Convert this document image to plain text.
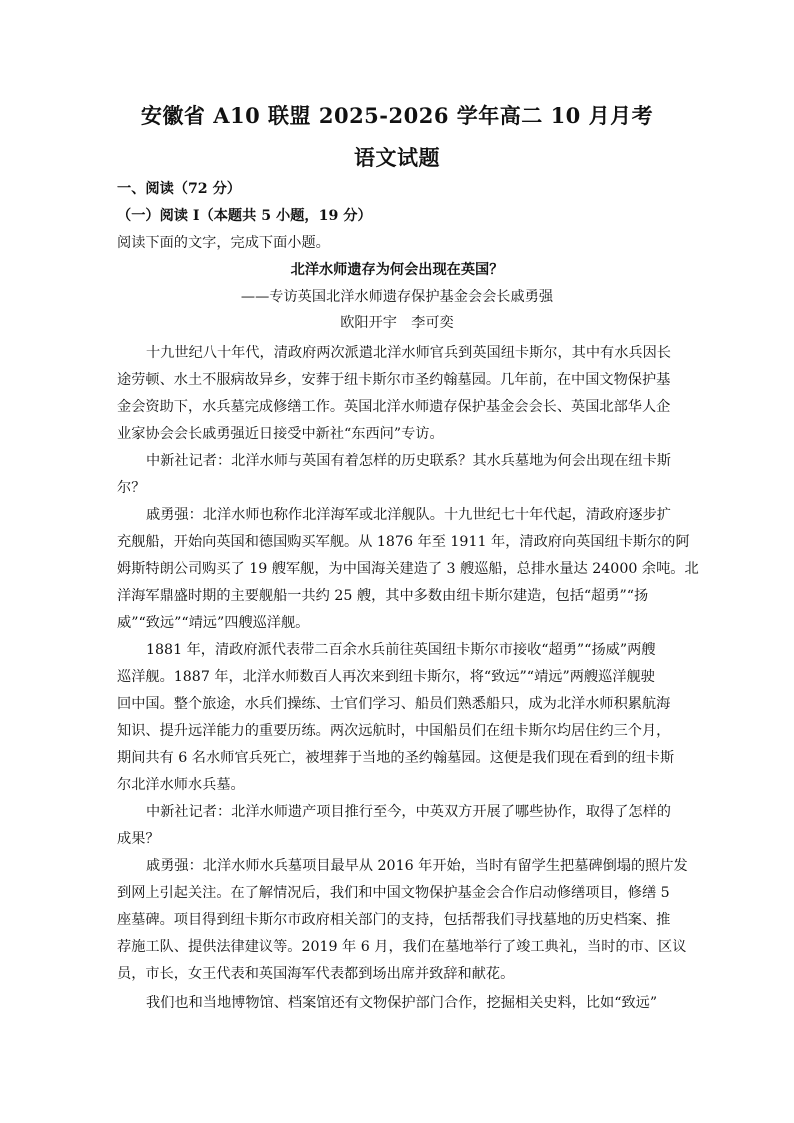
安徽省 A10 联盟 2025-2026 学年高二 10 月月考
语文试题
一、阅读（72 分）
（一）阅读 I（本题共 5 小题，19 分）
阅读下面的文字，完成下面小题。
北洋水师遗存为何会出现在英国？
——专访英国北洋水师遗存保护基金会会长戚勇强
欧阳开宇　李可奕
十九世纪八十年代，清政府两次派遣北洋水师官兵到英国纽卡斯尔，其中有水兵因长
途劳顿、水土不服病故异乡，安葬于纽卡斯尔市圣约翰墓园。几年前，在中国文物保护基
金会资助下，水兵墓完成修缮工作。英国北洋水师遗存保护基金会会长、英国北部华人企
业家协会会长戚勇强近日接受中新社“东西问”专访。
中新社记者：北洋水师与英国有着怎样的历史联系？其水兵墓地为何会出现在纽卡斯
尔？
戚勇强：北洋水师也称作北洋海军或北洋舰队。十九世纪七十年代起，清政府逐步扩
充舰船，开始向英国和德国购买军舰。从 1876 年至 1911 年，清政府向英国纽卡斯尔的阿
姆斯特朗公司购买了 19 艘军舰，为中国海关建造了 3 艘巡船，总排水量达 24000 余吨。北
洋海军鼎盛时期的主要舰船一共约 25 艘，其中多数由纽卡斯尔建造，包括“超勇”“扬
威”“致远”“靖远”四艘巡洋舰。
1881 年，清政府派代表带二百余水兵前往英国纽卡斯尔市接收“超勇”“扬威”两艘
巡洋舰。1887 年，北洋水师数百人再次来到纽卡斯尔，将“致远”“靖远”两艘巡洋舰驶
回中国。整个旅途，水兵们操练、士官们学习、船员们熟悉船只，成为北洋水师积累航海
知识、提升远洋能力的重要历练。两次远航时，中国船员们在纽卡斯尔均居住约三个月，
期间共有 6 名水师官兵死亡，被埋葬于当地的圣约翰墓园。这便是我们现在看到的纽卡斯
尔北洋水师水兵墓。
中新社记者：北洋水师遗产项目推行至今，中英双方开展了哪些协作，取得了怎样的
成果？
戚勇强：北洋水师水兵墓项目最早从 2016 年开始，当时有留学生把墓碑倒塌的照片发
到网上引起关注。在了解情况后，我们和中国文物保护基金会合作启动修缮项目，修缮 5
座墓碑。项目得到纽卡斯尔市政府相关部门的支持，包括帮我们寻找墓地的历史档案、推
荐施工队、提供法律建议等。2019 年 6 月，我们在墓地举行了竣工典礼，当时的市、区议
员，市长，女王代表和英国海军代表都到场出席并致辞和献花。
我们也和当地博物馆、档案馆还有文物保护部门合作，挖掘相关史料，比如“致远”
